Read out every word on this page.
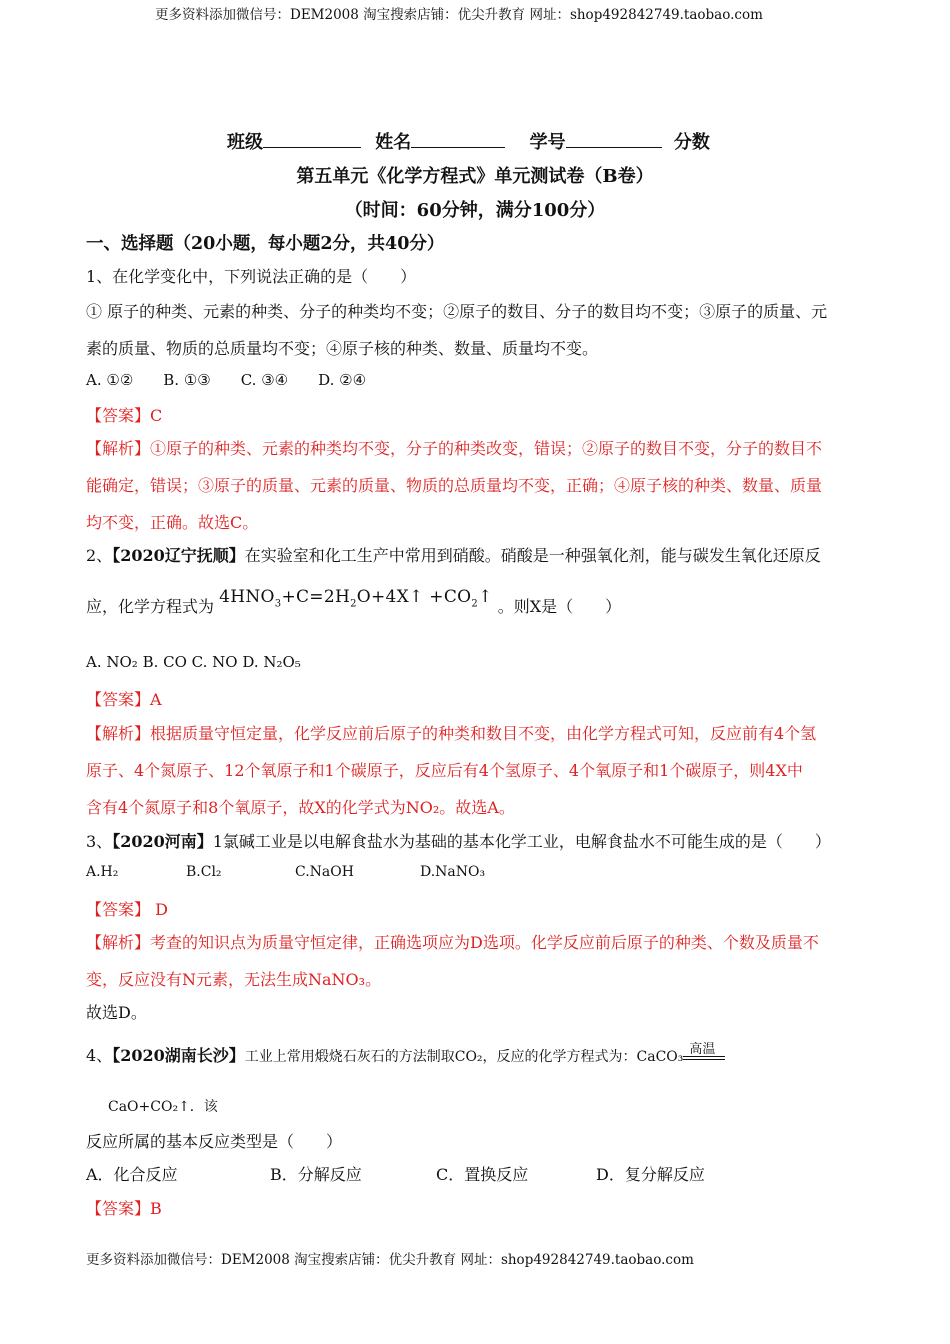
更多资料添加微信号：DEM2008 淘宝搜索店铺：优尖升教育 网址：shop492842749.taobao.com
班级	姓名	学号	分数
第五单元《化学方程式》单元测试卷（B卷）
（时间：60分钟，满分100分）
一、选择题（20小题，每小题2分，共40分）
1、在化学变化中，下列说法正确的是（　　）
① 原子的种类、元素的种类、分子的种类均不变；②原子的数目、分子的数目均不变；③原子的质量、元
素的质量、物质的总质量均不变；④原子核的种类、数量、质量均不变。
A. ①②　　B. ①③　　C. ③④　　D. ②④
【答案】C
【解析】①原子的种类、元素的种类均不变，分子的种类改变，错误；②原子的数目不变，分子的数目不
能确定，错误；③原子的质量、元素的质量、物质的总质量均不变，正确；④原子核的种类、数量、质量
均不变，正确。故选C。
2、【2020辽宁抚顺】在实验室和化工生产中常用到硝酸。硝酸是一种强氧化剂，能与碳发生氧化还原反
应，化学方程式为 $4HNO_3+C=2H_2O+4X↑$ $+CO_2↑$ 。则X是（　　）
A. NO₂ B. CO C. NO D. N₂O₅
【答案】A
【解析】根据质量守恒定量，化学反应前后原子的种类和数目不变，由化学方程式可知，反应前有4个氢
原子、4个氮原子、12个氧原子和1个碳原子，反应后有4个氢原子、4个氧原子和1个碳原子，则4X中
含有4个氮原子和8个氧原子，故X的化学式为NO₂。故选A。
3、【2020河南】1氯碱工业是以电解食盐水为基础的基本化学工业，电解食盐水不可能生成的是（　　）
A.H₂	B.Cl₂	C.NaOH	D.NaNO₃
【答案】 D
【解析】考查的知识点为质量守恒定律，正确选项应为D选项。化学反应前后原子的种类、个数及质量不
变，反应没有N元素，无法生成NaNO₃。
故选D。
4、【2020湖南长沙】工业上常用煅烧石灰石的方法制取CO₂，反应的化学方程式为：CaCO₃ 高温
CaO+CO₂↑．该
反应所属的基本反应类型是（　　）
A．化合反应	B．分解反应	C．置换反应	D．复分解反应
【答案】B
更多资料添加微信号：DEM2008 淘宝搜索店铺：优尖升教育 网址：shop492842749.taobao.com
